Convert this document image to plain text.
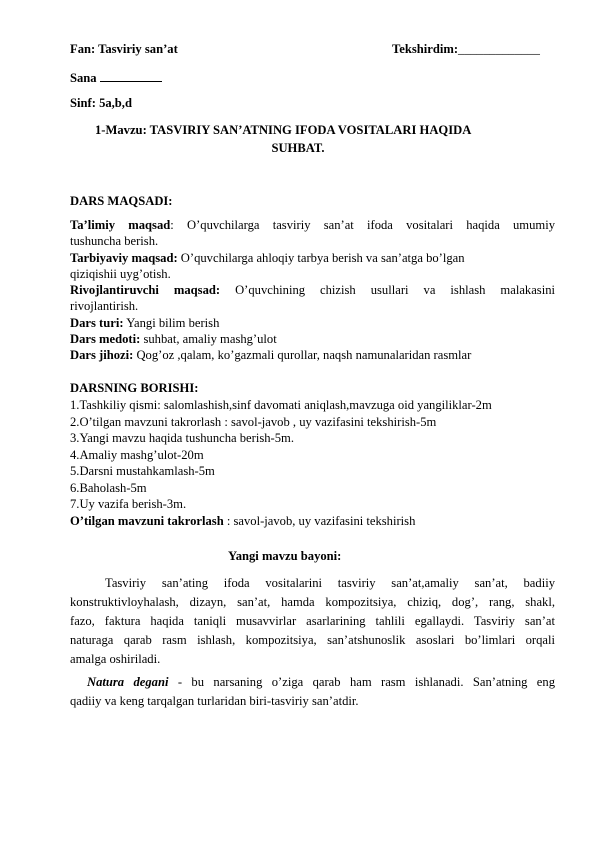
Fan: Tasviriy san’at	Tekshirdim:_____________
Sana
Sinf: 5a,b,d
1-Mavzu: TASVIRIY SAN’ATNING IFODA VOSITALARI HAQIDA
SUHBAT.
DARS MAQSADI:
Ta’limiy maqsad: O’quvchilarga tasviriy san’at ifoda vositalari haqida umumiy
tushuncha berish.
Tarbiyaviy maqsad: O’quvchilarga ahloqiy tarbya berish va san’atga bo’lgan
qiziqishii uyg’otish.
Rivojlantiruvchi maqsad: O’quvchining chizish usullari va ishlash malakasini
rivojlantirish.
Dars turi: Yangi bilim berish
Dars medoti: suhbat, amaliy mashg’ulot
Dars jihozi: Qog’oz ,qalam, ko’gazmali qurollar, naqsh namunalaridan rasmlar
DARSNING BORISHI:
1.Tashkiliy qismi: salomlashish,sinf davomati aniqlash,mavzuga oid yangiliklar-2m
2.O’tilgan mavzuni takrorlash : savol-javob , uy vazifasini tekshirish-5m
3.Yangi mavzu haqida tushuncha berish-5m.
4.Amaliy mashg’ulot-20m
5.Darsni mustahkamlash-5m
6.Baholash-5m
7.Uy vazifa berish-3m.
O’tilgan mavzuni takrorlash : savol-javob, uy vazifasini tekshirish
Yangi mavzu bayoni:
Tasviriy san’ating ifoda vositalarini tasviriy san’at,amaliy san’at, badiiy
konstruktivloyhalash, dizayn, san’at, hamda kompozitsiya, chiziq, dog’, rang, shakl,
fazo, faktura haqida taniqli musavvirlar asarlarining tahlili egallaydi. Tasviriy san’at
naturaga qarab rasm ishlash, kompozitsiya, san’atshunoslik asoslari bo’limlari orqali
amalga oshiriladi.
Natura degani - bu narsaning o’ziga qarab ham rasm ishlanadi. San’atning eng
qadiiy va keng tarqalgan turlaridan biri-tasviriy san’atdir.
